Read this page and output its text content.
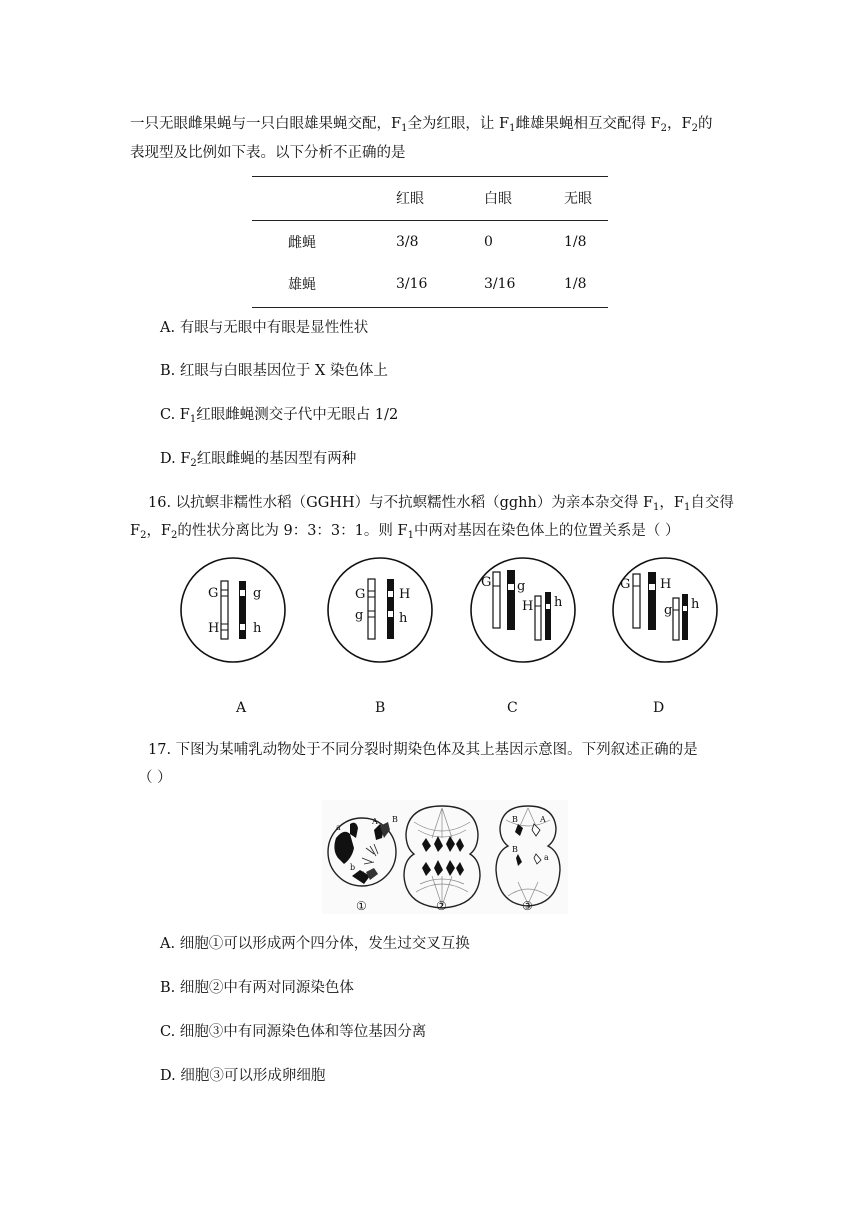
一只无眼雌果蝇与一只白眼雄果蝇交配，$F_1$全为红眼，让 $F_1$雌雄果蝇相互交配得 $F_2$，$F_2$的
表现型及比例如下表。以下分析不正确的是
红眼	白眼	无眼
雌蝇	3/8	0	1/8
雄蝇	3/16	3/16	1/8
A. 有眼与无眼中有眼是显性性状
B. 红眼与白眼基因位于 X 染色体上
C. $F_1$红眼雌蝇测交子代中无眼占 1/2
D. $F_2$红眼雌蝇的基因型有两种
16. 以抗螟非糯性水稻（GGHH）与不抗螟糯性水稻（gghh）为亲本杂交得 $F_1$，$F_1$自交得
$F_2$，$F_2$的性状分离比为 9：3：3：1。则 $F_1$中两对基因在染色体上的位置关系是（ ）
G
H
g
h
G
g
H
h
G g
H h
G H
g h
A	B	C	D
17. 下图为某哺乳动物处于不同分裂时期染色体及其上基因示意图。下列叙述正确的是
（ ）
a
A B
b
b
B	A
B
a
①	②	③
A. 细胞①可以形成两个四分体，发生过交叉互换
B. 细胞②中有两对同源染色体
C. 细胞③中有同源染色体和等位基因分离
D. 细胞③可以形成卵细胞
